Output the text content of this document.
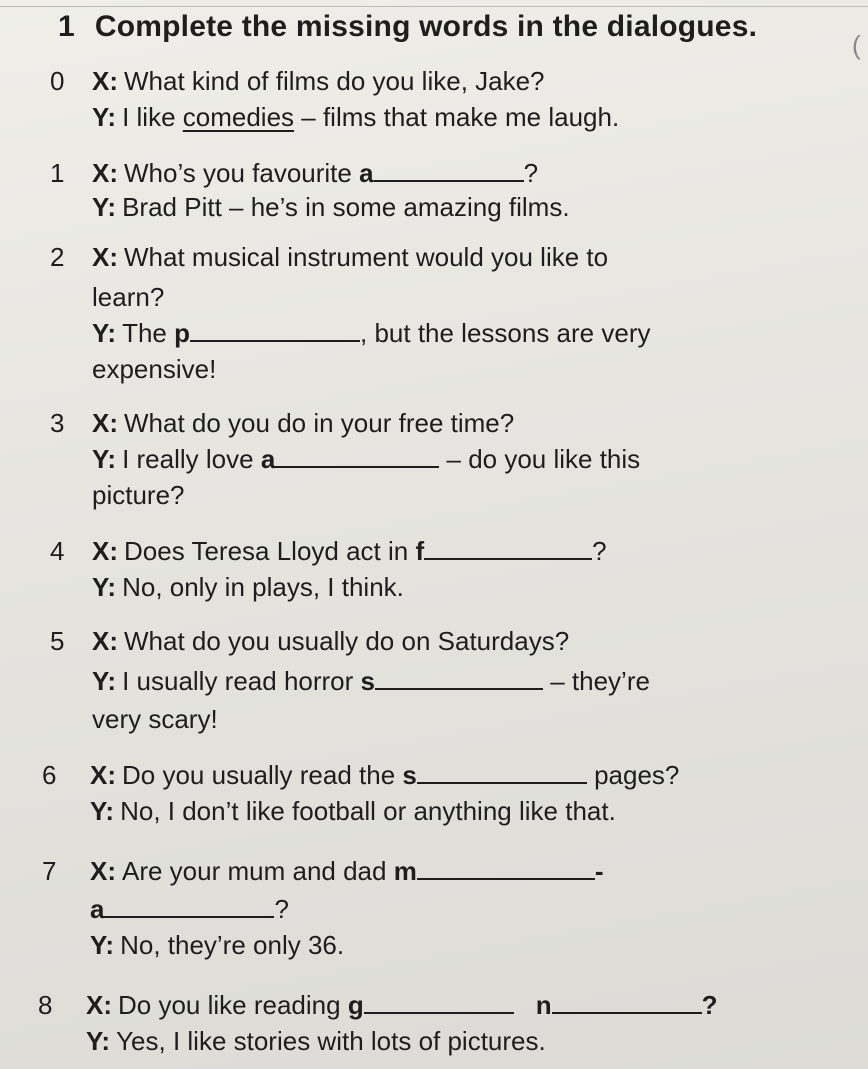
(
1 Complete the missing words in the dialogues.
0 X: What kind of films do you like, Jake?
Y: I like comedies – films that make me laugh.
1 X: Who’s you favourite a	?
Y: Brad Pitt – he’s in some amazing films.
2 X: What musical instrument would you like to
learn?
Y: The p	, but the lessons are very
expensive!
3 X: What do you do in your free time?
Y: I really love a	– do you like this
picture?
4 X: Does Teresa Lloyd act in f	?
Y: No, only in plays, I think.
5 X: What do you usually do on Saturdays?
Y: I usually read horror s	– they’re
very scary!
6 X: Do you usually read the s	pages?
Y: No, I don’t like football or anything like that.
7 X: Are your mum and dad m	-
a	?
Y: No, they’re only 36.
8 X: Do you like reading g	n	?
Y: Yes, I like stories with lots of pictures.
